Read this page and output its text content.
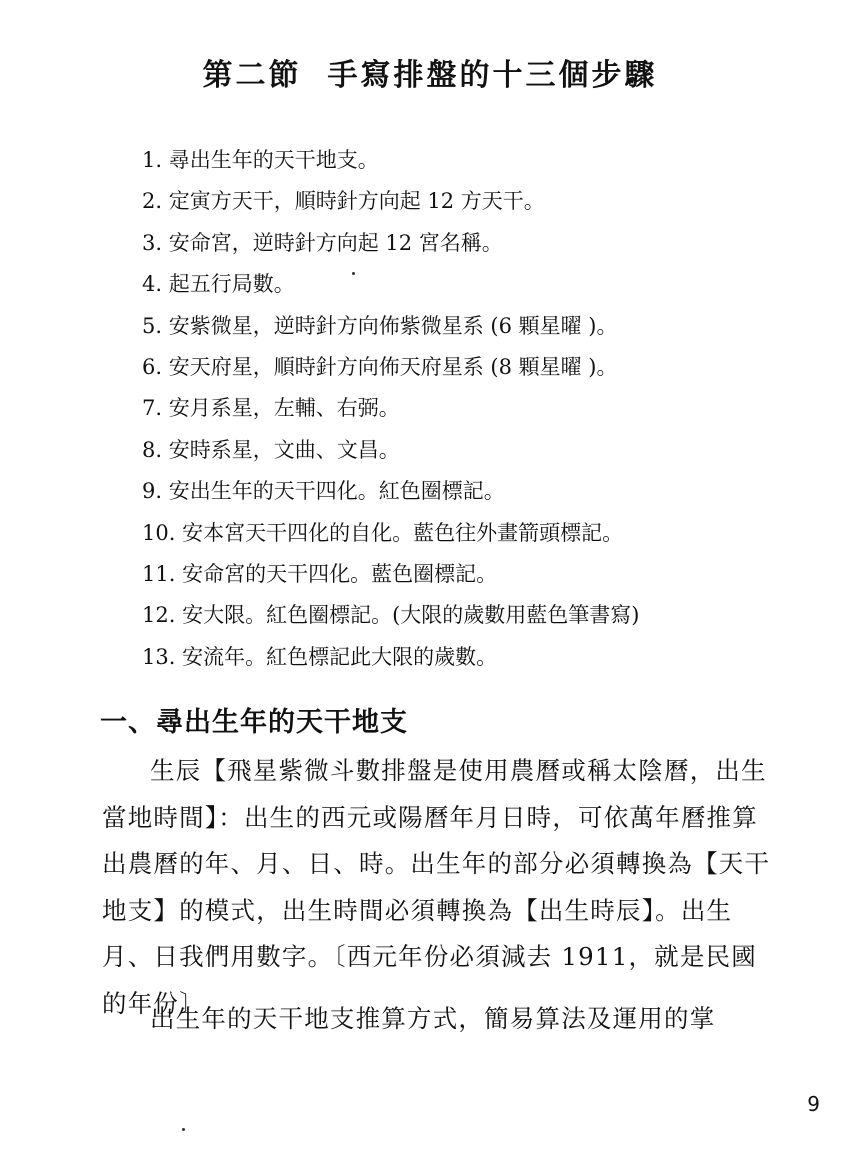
第二節 手寫排盤的十三個步驟
1. 尋出生年的天干地支。
2. 定寅方天干，順時針方向起 12 方天干。
3. 安命宮，逆時針方向起 12 宮名稱。
4. 起五行局數。
5. 安紫微星，逆時針方向佈紫微星系 (6 顆星曜 )。
6. 安天府星，順時針方向佈天府星系 (8 顆星曜 )。
7. 安月系星，左輔、右弼。
8. 安時系星，文曲、文昌。
9. 安出生年的天干四化。紅色圈標記。
10. 安本宮天干四化的自化。藍色往外畫箭頭標記。
11. 安命宮的天干四化。藍色圈標記。
12. 安大限。紅色圈標記。(大限的歲數用藍色筆書寫)
13. 安流年。紅色標記此大限的歲數。
一、尋出生年的天干地支

生辰【飛星紫微斗數排盤是使用農曆或稱太陰曆，出生當地時間】：出生的西元或陽曆年月日時，可依萬年曆推算出農曆的年、月、日、時。出生年的部分必須轉換為【天干地支】的模式，出生時間必須轉換為【出生時辰】。出生月、日我們用數字。〔西元年份必須減去 1911，就是民國的年份〕

出生年的天干地支推算方式，簡易算法及運用的掌

9
